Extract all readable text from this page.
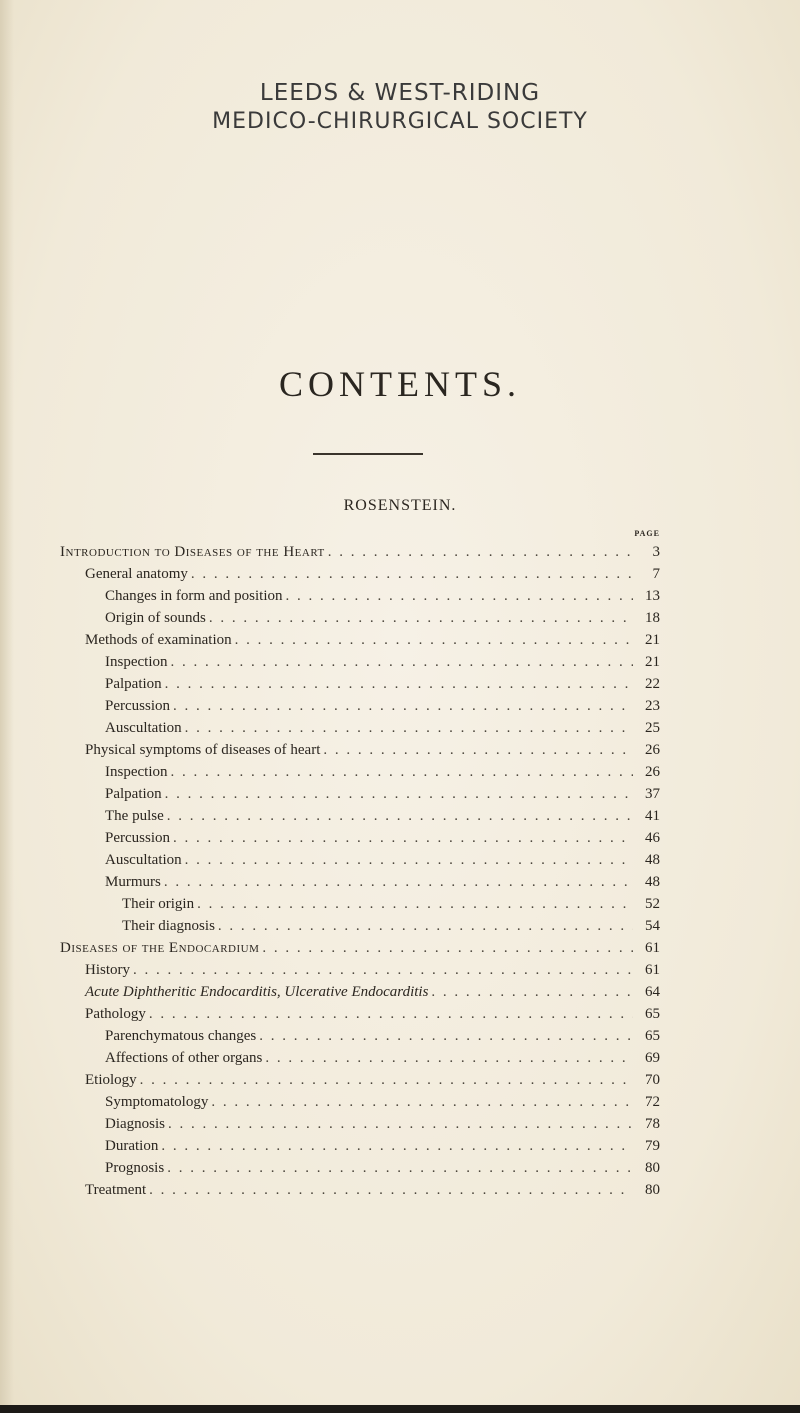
LEEDS & WEST-RIDING
MEDICO-CHIRURGICAL SOCIETY
CONTENTS.
ROSENSTEIN.
PAGE
Introduction to Diseases of the Heart . . .	3
General anatomy . . .	7
Changes in form and position . . .	13
Origin of sounds . . .	18
Methods of examination . . .	21
Inspection . . .	21
Palpation . . .	22
Percussion . . .	23
Auscultation . . .	25
Physical symptoms of diseases of heart . . .	26
Inspection . . .	26
Palpation . . .	37
The pulse . . .	41
Percussion . . .	46
Auscultation . . .	48
Murmurs . . .	48
Their origin . . .	52
Their diagnosis . . .	54
Diseases of the Endocardium . . .	61
History . . .	61
Acute Diphtheritic Endocarditis, Ulcerative Endocarditis . . .	64
Pathology . . .	65
Parenchymatous changes . . .	65
Affections of other organs . . .	69
Etiology . . .	70
Symptomatology . . .	72
Diagnosis . . .	78
Duration . . .	79
Prognosis . . .	80
Treatment . . .	80
